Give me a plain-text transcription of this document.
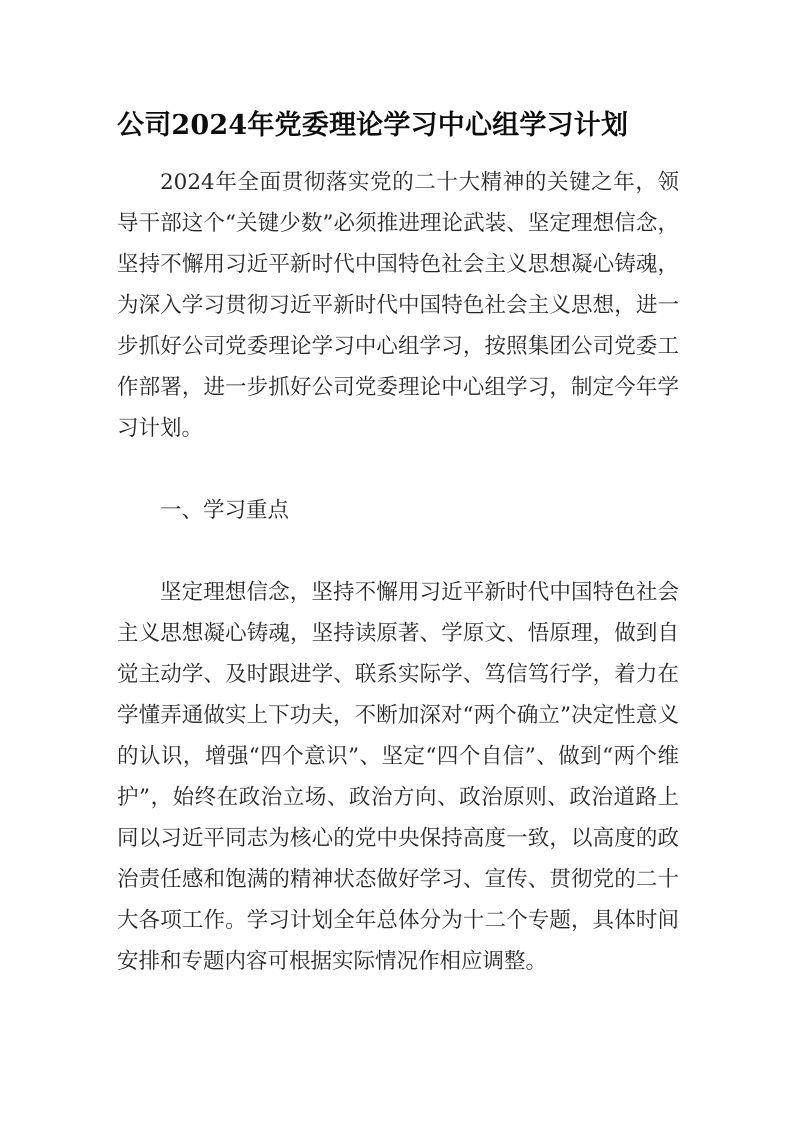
公司2024年党委理论学习中心组学习计划

2024年全面贯彻落实党的二十大精神的关键之年，领导干部这个“关键少数”必须推进理论武装、坚定理想信念，坚持不懈用习近平新时代中国特色社会主义思想凝心铸魂，为深入学习贯彻习近平新时代中国特色社会主义思想，进一步抓好公司党委理论学习中心组学习，按照集团公司党委工作部署，进一步抓好公司党委理论中心组学习，制定今年学习计划。

一、学习重点

坚定理想信念，坚持不懈用习近平新时代中国特色社会主义思想凝心铸魂，坚持读原著、学原文、悟原理，做到自觉主动学、及时跟进学、联系实际学、笃信笃行学，着力在学懂弄通做实上下功夫，不断加深对“两个确立”决定性意义的认识，增强“四个意识”、坚定“四个自信”、做到“两个维护”，始终在政治立场、政治方向、政治原则、政治道路上同以习近平同志为核心的党中央保持高度一致，以高度的政治责任感和饱满的精神状态做好学习、宣传、贯彻党的二十大各项工作。学习计划全年总体分为十二个专题，具体时间安排和专题内容可根据实际情况作相应调整。
